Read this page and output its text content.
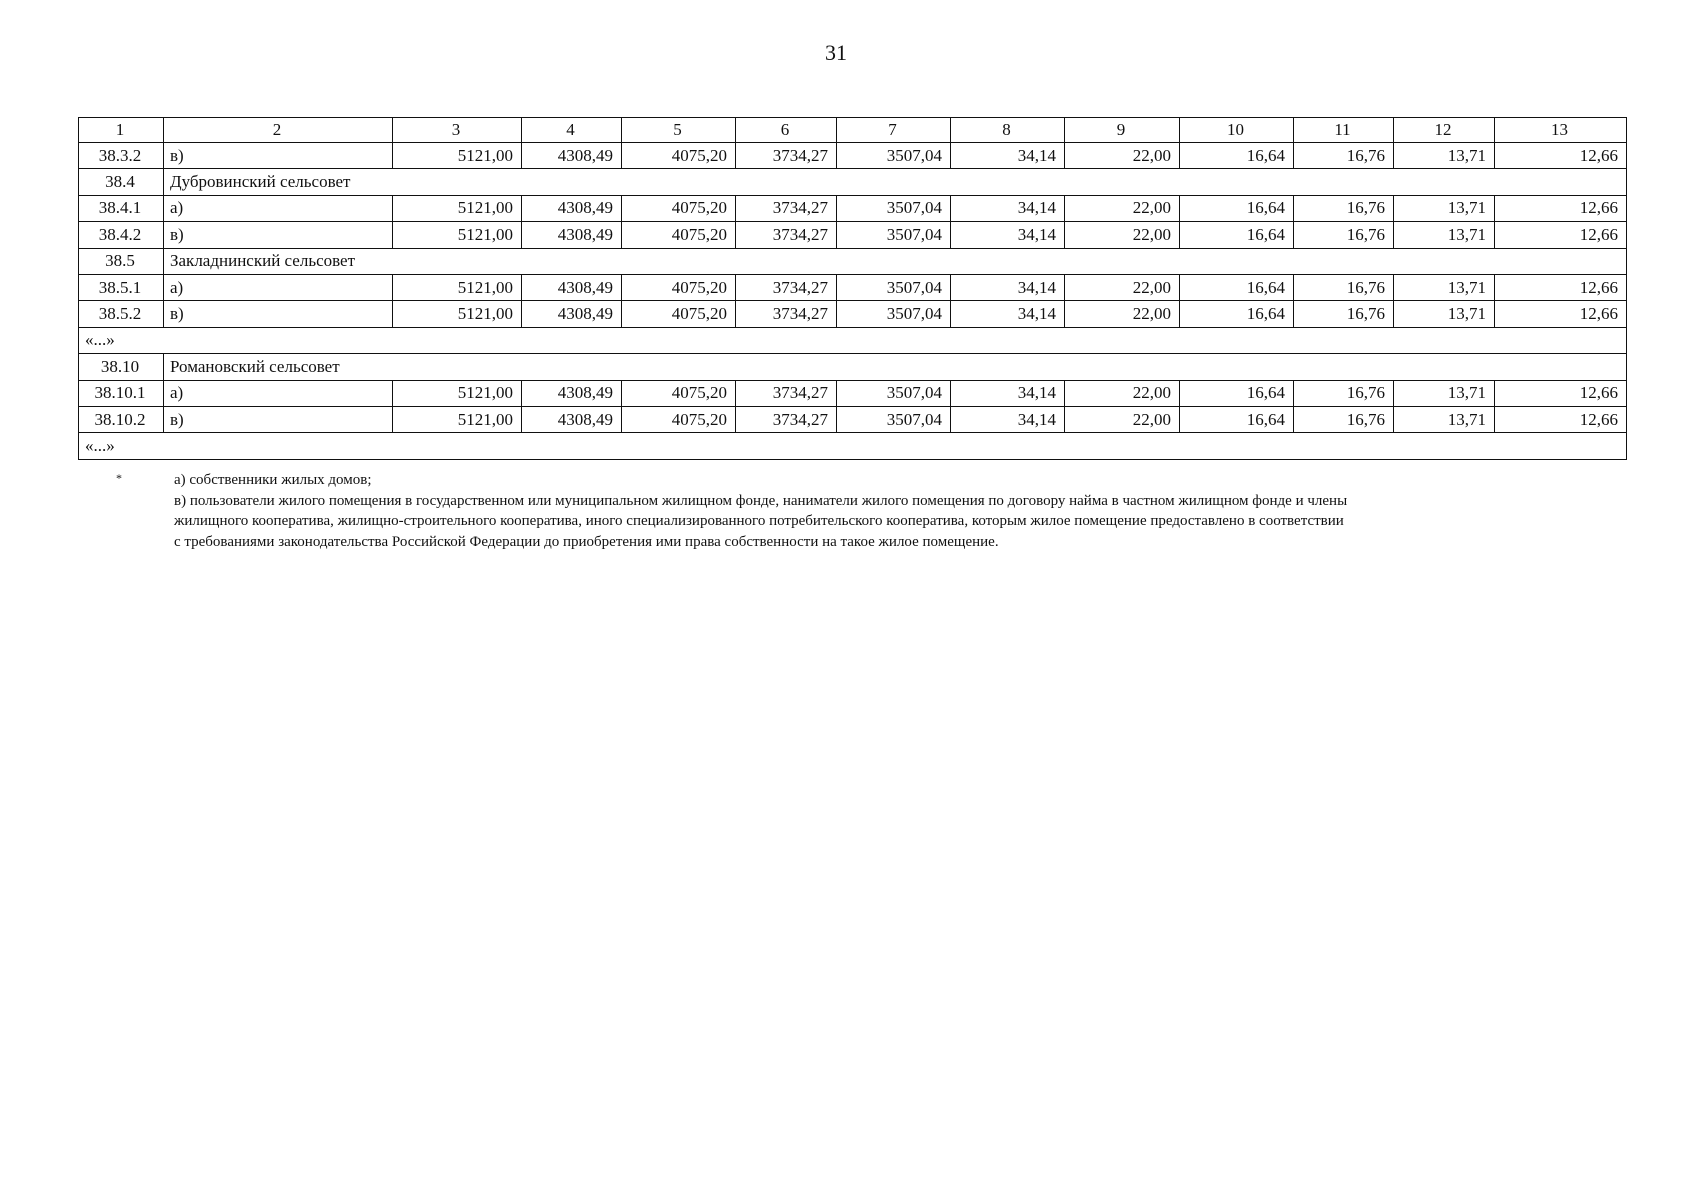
31
1	2	3	4	5	6	7	8	9	10	11	12	13
38.3.2	в)	5121,00	4308,49	4075,20	3734,27	3507,04	34,14	22,00	16,64	16,76	13,71	12,66
38.4	Дубровинский сельсовет											
38.4.1	а)	5121,00	4308,49	4075,20	3734,27	3507,04	34,14	22,00	16,64	16,76	13,71	12,66
38.4.2	в)	5121,00	4308,49	4075,20	3734,27	3507,04	34,14	22,00	16,64	16,76	13,71	12,66
38.5	Закладнинский сельсовет											
38.5.1	а)	5121,00	4308,49	4075,20	3734,27	3507,04	34,14	22,00	16,64	16,76	13,71	12,66
38.5.2	в)	5121,00	4308,49	4075,20	3734,27	3507,04	34,14	22,00	16,64	16,76	13,71	12,66
«...»												
38.10	Романовский сельсовет											
38.10.1	а)	5121,00	4308,49	4075,20	3734,27	3507,04	34,14	22,00	16,64	16,76	13,71	12,66
38.10.2	в)	5121,00	4308,49	4075,20	3734,27	3507,04	34,14	22,00	16,64	16,76	13,71	12,66
«...»												
*	а) собственники жилых домов;
в) пользователи жилого помещения в государственном или муниципальном жилищном фонде, наниматели жилого помещения по договору найма в частном жилищном фонде и члены
жилищного кооператива, жилищно-строительного кооператива, иного специализированного потребительского кооператива, которым жилое помещение предоставлено в соответствии
с требованиями законодательства Российской Федерации до приобретения ими права собственности на такое жилое помещение.
